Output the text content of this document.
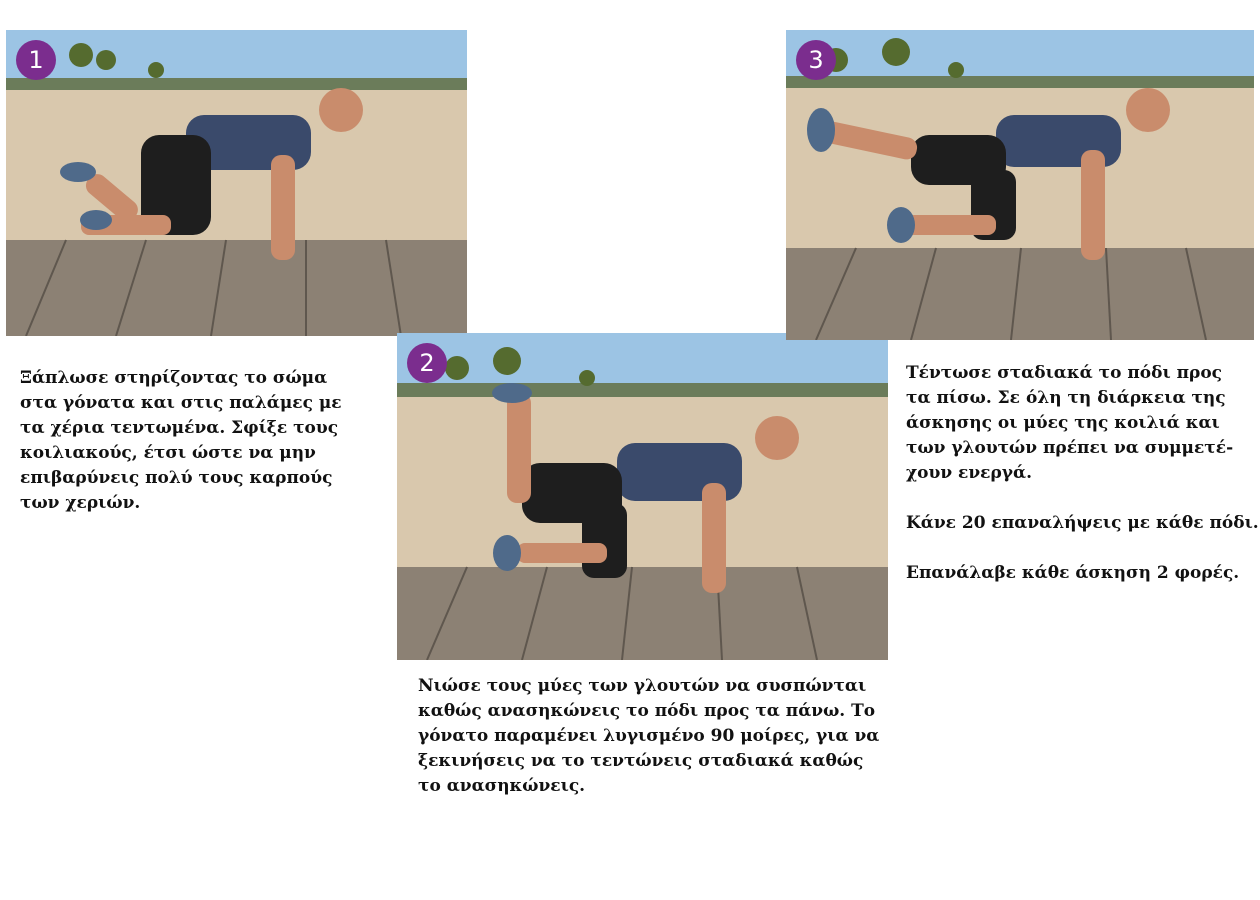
1
2
3

Ξάπλωσε στηρίζοντας το σώμα στα γόνατα και στις παλάμες με τα χέρια τεντωμένα. Σφίξε τους κοιλιακούς, έτσι ώστε να μην επιβαρύνεις πολύ τους καρπούς των χεριών.

Νιώσε τους μύες των γλουτών να συσπώνται καθώς ανασηκώνεις το πόδι προς τα πάνω. Το γόνατο παραμένει λυγισμένο 90 μοίρες, για να ξεκινήσεις να το τεντώνεις σταδιακά καθώς το ανασηκώνεις.

Τέντωσε σταδιακά το πόδι προς τα πίσω. Σε όλη τη διάρκεια της άσκησης οι μύες της κοιλιά και των γλουτών πρέπει να συμμετέ-χουν ενεργά.

Κάνε 20 επαναλήψεις με κάθε πόδι.

Επανάλαβε κάθε άσκηση 2 φορές.
